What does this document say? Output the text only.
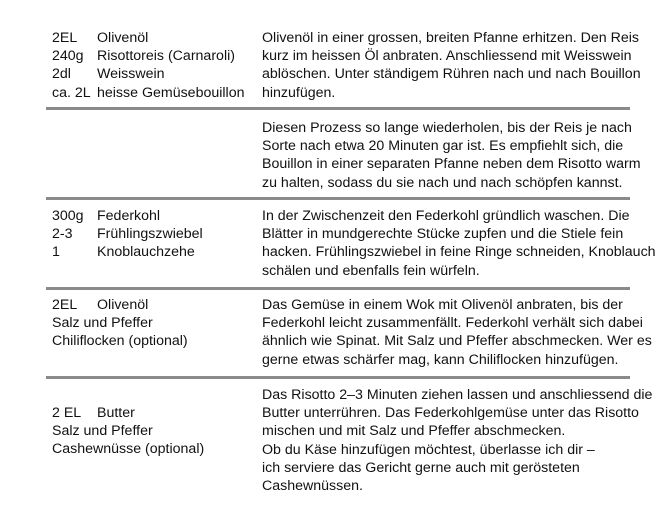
2EL Olivenöl
240g Risottoreis (Carnaroli)
2dl Weisswein
ca. 2L heisse Gemüsebouillon
Olivenöl in einer grossen, breiten Pfanne erhitzen. Den Reis
kurz im heissen Öl anbraten. Anschliessend mit Weisswein
ablöschen. Unter ständigem Rühren nach und nach Bouillon
hinzufügen.
Diesen Prozess so lange wiederholen, bis der Reis je nach
Sorte nach etwa 20 Minuten gar ist. Es empfiehlt sich, die
Bouillon in einer separaten Pfanne neben dem Risotto warm
zu halten, sodass du sie nach und nach schöpfen kannst.
300g Federkohl
2-3 Frühlingszwiebel
1	Knoblauchzehe
In der Zwischenzeit den Federkohl gründlich waschen. Die
Blätter in mundgerechte Stücke zupfen und die Stiele fein
hacken. Frühlingszwiebel in feine Ringe schneiden, Knoblauch
schälen und ebenfalls fein würfeln.
2EL Olivenöl
Salz und Pfeffer
Chiliflocken (optional)
Das Gemüse in einem Wok mit Olivenöl anbraten, bis der
Federkohl leicht zusammenfällt. Federkohl verhält sich dabei
ähnlich wie Spinat. Mit Salz und Pfeffer abschmecken. Wer es
gerne etwas schärfer mag, kann Chiliflocken hinzufügen.
2 EL Butter
Salz und Pfeffer
Cashewnüsse (optional)
Das Risotto 2–3 Minuten ziehen lassen und anschliessend die
Butter unterrühren. Das Federkohlgemüse unter das Risotto
mischen und mit Salz und Pfeffer abschmecken.
Ob du Käse hinzufügen möchtest, überlasse ich dir –
ich serviere das Gericht gerne auch mit gerösteten
Cashewnüssen.
